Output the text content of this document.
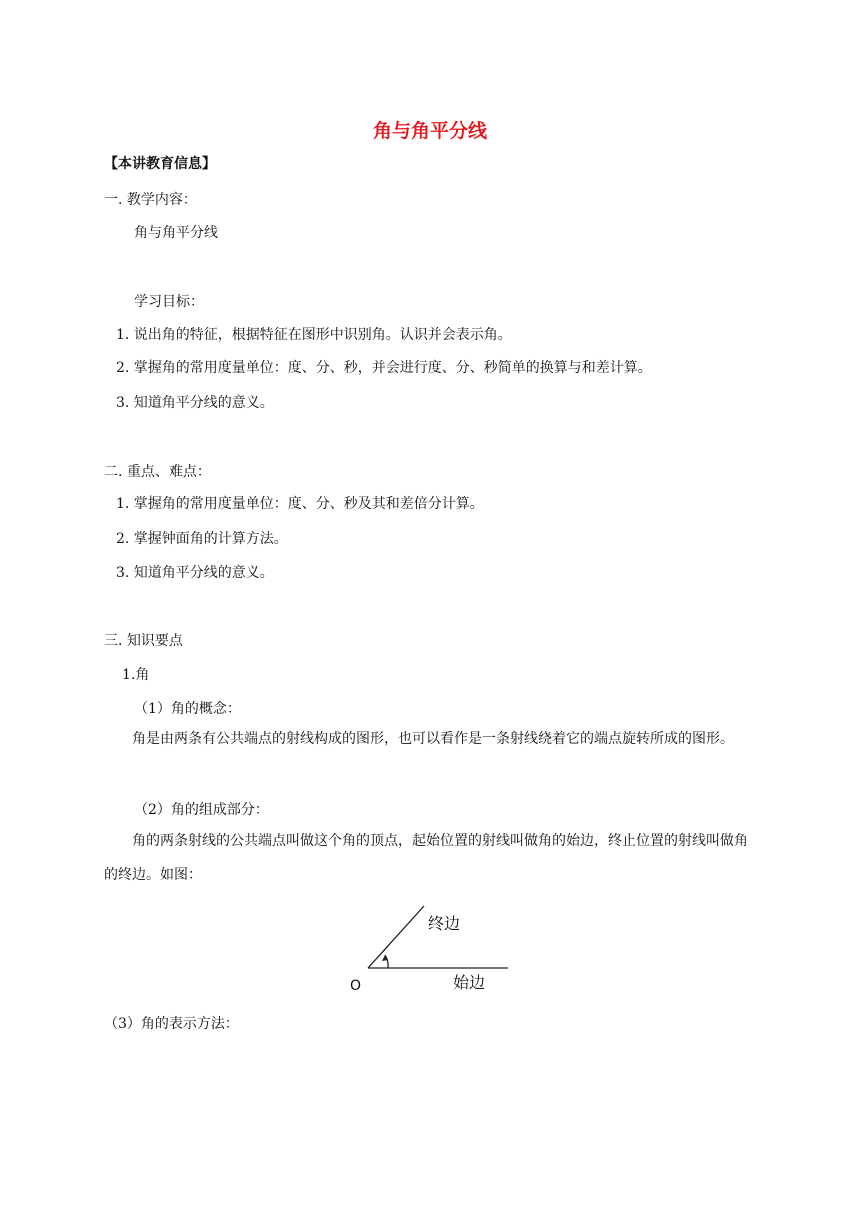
角与角平分线
【本讲教育信息】
一. 教学内容：
角与角平分线
学习目标：
1. 说出角的特征，根据特征在图形中识别角。认识并会表示角。
2. 掌握角的常用度量单位：度、分、秒，并会进行度、分、秒简单的换算与和差计算。
3. 知道角平分线的意义。
二. 重点、难点：
1. 掌握角的常用度量单位：度、分、秒及其和差倍分计算。
2. 掌握钟面角的计算方法。
3. 知道角平分线的意义。
三. 知识要点
1.角
（1）角的概念：
角是由两条有公共端点的射线构成的图形，也可以看作是一条射线绕着它的端点旋转所成的图形。
（2）角的组成部分：
角的两条射线的公共端点叫做这个角的顶点，起始位置的射线叫做角的始边，终止位置的射线叫做角的终边。如图：
终边
始边
O
（3）角的表示方法：
